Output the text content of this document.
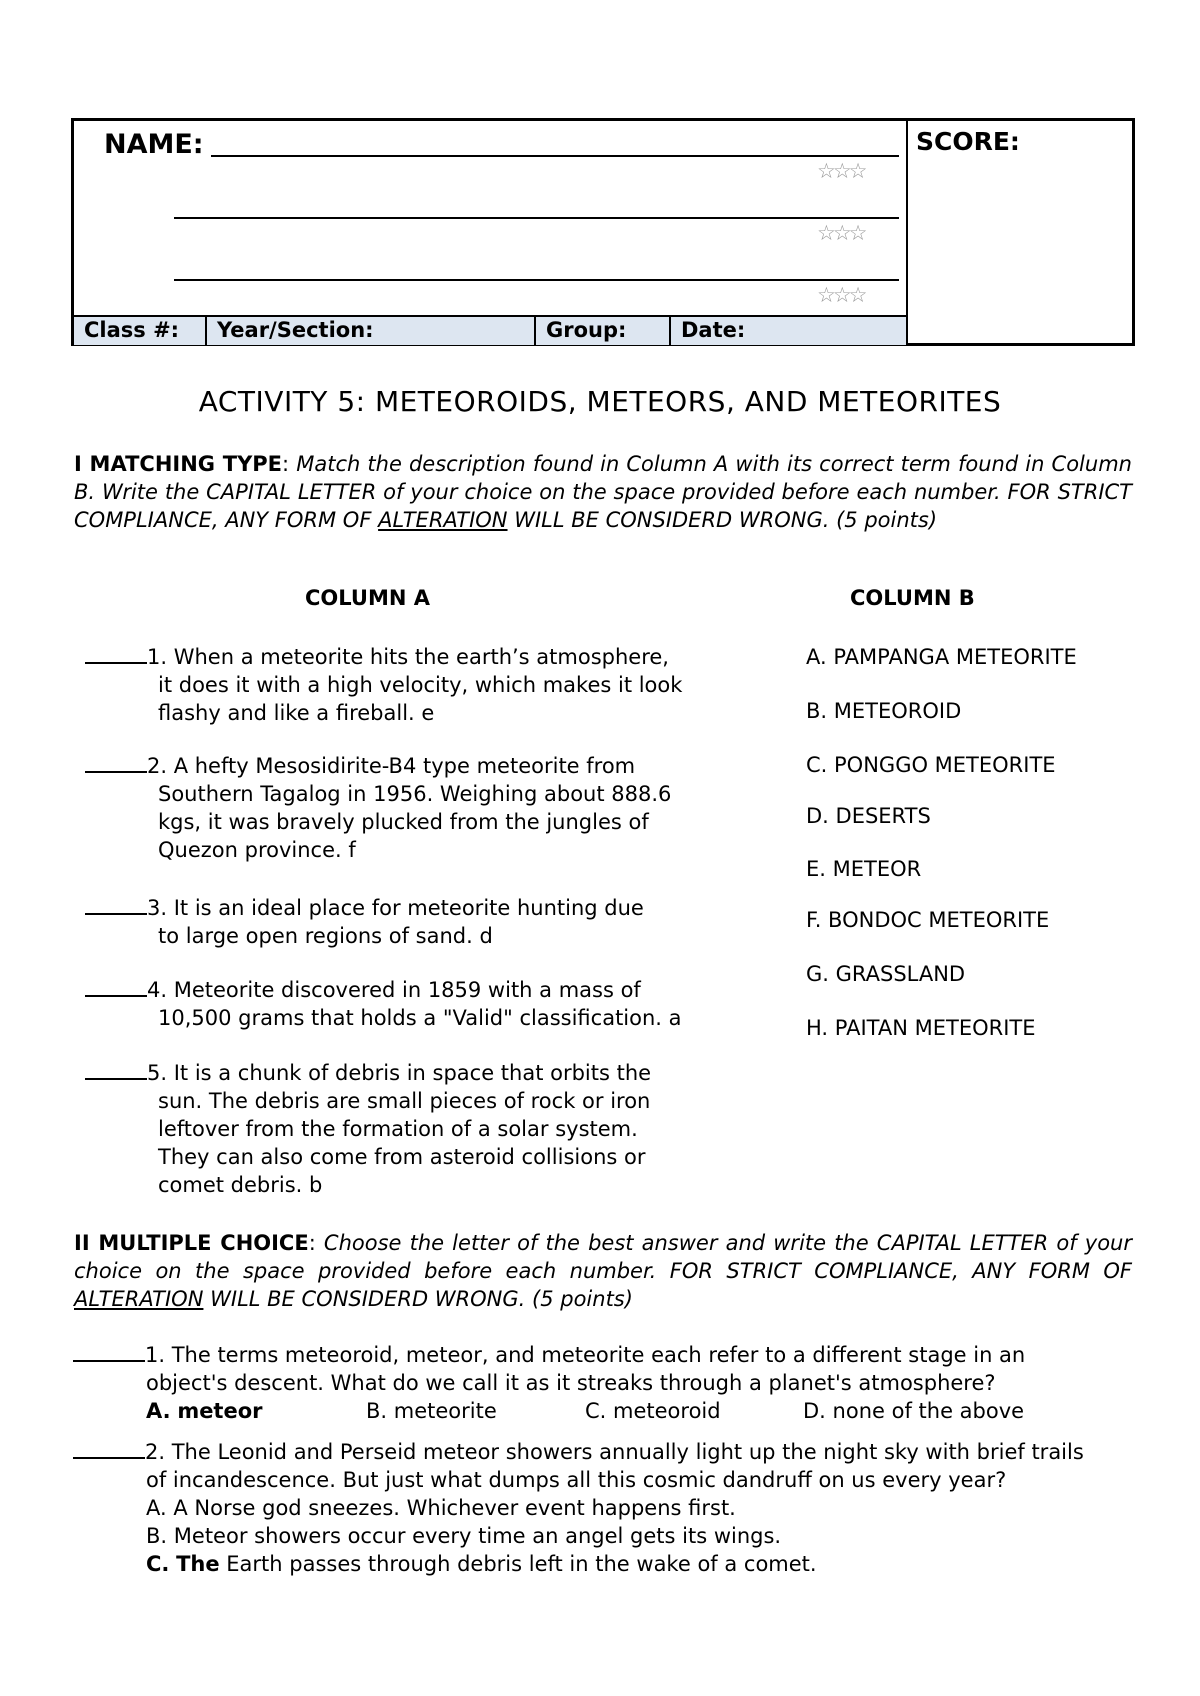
NAME:
☆☆☆
☆☆☆
☆☆☆
SCORE:
Class #:	Year/Section:	Group:	Date:
ACTIVITY 5: METEOROIDS, METEORS, AND METEORITES
I MATCHING TYPE: Match the description found in Column A with its correct term found in Column B. Write the CAPITAL LETTER of your choice on the space provided before each number. FOR STRICT COMPLIANCE, ANY FORM OF ALTERATION WILL BE CONSIDERD WRONG. (5 points)
COLUMN A	COLUMN B
1. When a meteorite hits the earth’s atmosphere,
it does it with a high velocity, which makes it look
flashy and like a fireball. e
2. A hefty Mesosidirite-B4 type meteorite from
Southern Tagalog in 1956. Weighing about 888.6
kgs, it was bravely plucked from the jungles of
Quezon province. f
3. It is an ideal place for meteorite hunting due
to large open regions of sand. d
4. Meteorite discovered in 1859 with a mass of
10,500 grams that holds a "Valid" classification. a
5. It is a chunk of debris in space that orbits the
sun. The debris are small pieces of rock or iron
leftover from the formation of a solar system.
They can also come from asteroid collisions or
comet debris. b
A. PAMPANGA METEORITE
B. METEOROID
C. PONGGO METEORITE
D. DESERTS
E. METEOR
F. BONDOC METEORITE
G. GRASSLAND
H. PAITAN METEORITE
II MULTIPLE CHOICE: Choose the letter of the best answer and write the CAPITAL LETTER of your choice on the space provided before each number. FOR STRICT COMPLIANCE, ANY FORM OF ALTERATION WILL BE CONSIDERD WRONG. (5 points)
1. The terms meteoroid, meteor, and meteorite each refer to a different stage in an
object's descent. What do we call it as it streaks through a planet's atmosphere?
A. meteor	B. meteorite	C. meteoroid	D. none of the above
2. The Leonid and Perseid meteor showers annually light up the night sky with brief trails
of incandescence. But just what dumps all this cosmic dandruff on us every year?
A. A Norse god sneezes. Whichever event happens first.
B. Meteor showers occur every time an angel gets its wings.
C. The Earth passes through debris left in the wake of a comet.
